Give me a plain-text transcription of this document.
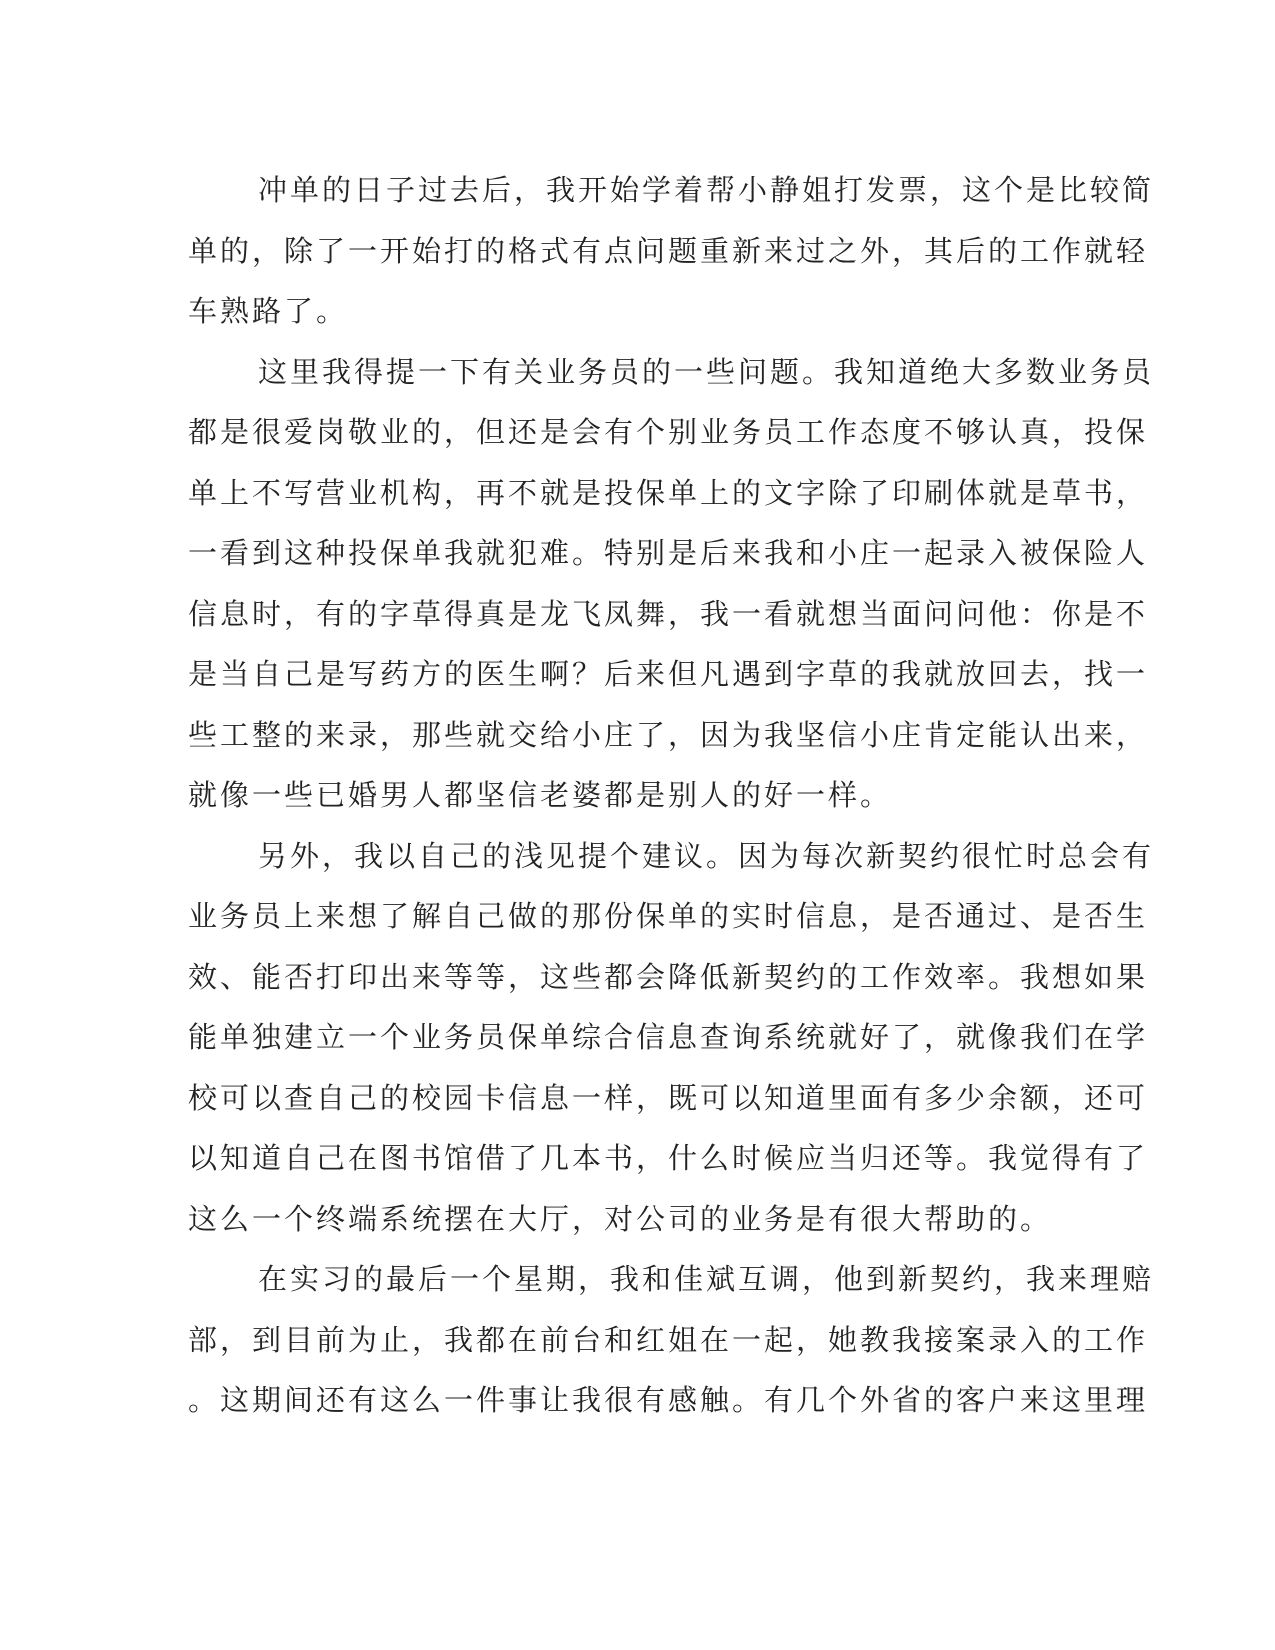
冲单的日子过去后，我开始学着帮小静姐打发票，这个是比较简
单的，除了一开始打的格式有点问题重新来过之外，其后的工作就轻
车熟路了。
这里我得提一下有关业务员的一些问题。我知道绝大多数业务员
都是很爱岗敬业的，但还是会有个别业务员工作态度不够认真，投保
单上不写营业机构，再不就是投保单上的文字除了印刷体就是草书，
一看到这种投保单我就犯难。特别是后来我和小庄一起录入被保险人
信息时，有的字草得真是龙飞凤舞，我一看就想当面问问他：你是不
是当自己是写药方的医生啊？后来但凡遇到字草的我就放回去，找一
些工整的来录，那些就交给小庄了，因为我坚信小庄肯定能认出来，
就像一些已婚男人都坚信老婆都是别人的好一样。
另外，我以自己的浅见提个建议。因为每次新契约很忙时总会有
业务员上来想了解自己做的那份保单的实时信息，是否通过、是否生
效、能否打印出来等等，这些都会降低新契约的工作效率。我想如果
能单独建立一个业务员保单综合信息查询系统就好了，就像我们在学
校可以查自己的校园卡信息一样，既可以知道里面有多少余额，还可
以知道自己在图书馆借了几本书，什么时候应当归还等。我觉得有了
这么一个终端系统摆在大厅，对公司的业务是有很大帮助的。
在实习的最后一个星期，我和佳斌互调，他到新契约，我来理赔
部，到目前为止，我都在前台和红姐在一起，她教我接案录入的工作
。这期间还有这么一件事让我很有感触。有几个外省的客户来这里理
